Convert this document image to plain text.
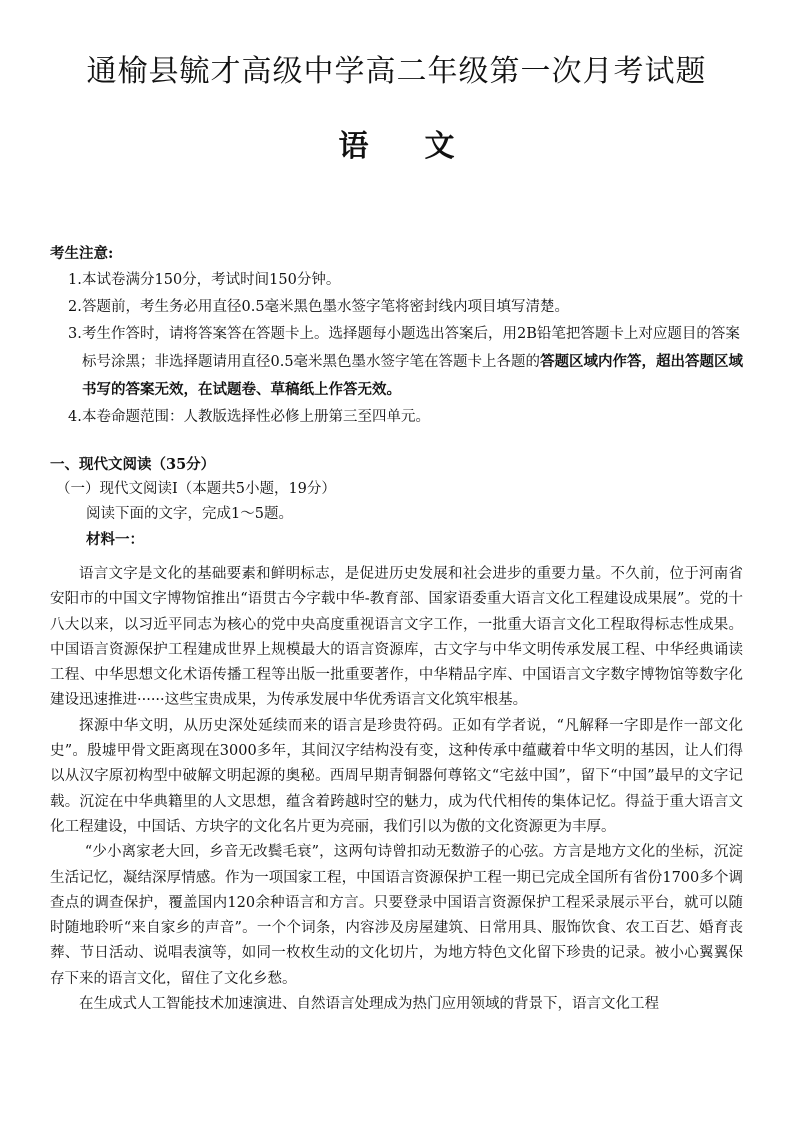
通榆县毓才高级中学高二年级第一次月考试题
语文
考生注意:
1.本试卷满分150分，考试时间150分钟。
2.答题前，考生务必用直径0.5毫米黑色墨水签字笔将密封线内项目填写清楚。
3.考生作答时，请将答案答在答题卡上。选择题每小题选出答案后，用2B铅笔把答题卡上对应题目的答案标号涂黑；非选择题请用直径0.5毫米黑色墨水签字笔在答题卡上各题的答题区域内作答，超出答题区域书写的答案无效，在试题卷、草稿纸上作答无效。
4.本卷命题范围：人教版选择性必修上册第三至四单元。
一、现代文阅读（35分）
（一）现代文阅读Ⅰ（本题共5小题，19分）
阅读下面的文字，完成1～5题。
材料一：

语言文字是文化的基础要素和鲜明标志，是促进历史发展和社会进步的重要力量。不久前，位于河南省安阳市的中国文字博物馆推出“语贯古今字载中华-教育部、国家语委重大语言文化工程建设成果展”。党的十八大以来，以习近平同志为核心的党中央高度重视语言文字工作，一批重大语言文化工程取得标志性成果。中国语言资源保护工程建成世界上规模最大的语言资源库，古文字与中华文明传承发展工程、中华经典诵读工程、中华思想文化术语传播工程等出版一批重要著作，中华精品字库、中国语言文字数字博物馆等数字化建设迅速推进······这些宝贵成果，为传承发展中华优秀语言文化筑牢根基。

探源中华文明，从历史深处延续而来的语言是珍贵符码。正如有学者说，“凡解释一字即是作一部文化史”。殷墟甲骨文距离现在3000多年，其间汉字结构没有变，这种传承中蕴藏着中华文明的基因，让人们得以从汉字原初构型中破解文明起源的奥秘。西周早期青铜器何尊铭文“宅兹中国”，留下“中国”最早的文字记载。沉淀在中华典籍里的人文思想，蕴含着跨越时空的魅力，成为代代相传的集体记忆。得益于重大语言文化工程建设，中国话、方块字的文化名片更为亮丽，我们引以为傲的文化资源更为丰厚。

“少小离家老大回，乡音无改鬓毛衰”，这两句诗曾扣动无数游子的心弦。方言是地方文化的坐标，沉淀生活记忆，凝结深厚情感。作为一项国家工程，中国语言资源保护工程一期已完成全国所有省份1700多个调查点的调查保护，覆盖国内120余种语言和方言。只要登录中国语言资源保护工程采录展示平台，就可以随时随地聆听“来自家乡的声音”。一个个词条，内容涉及房屋建筑、日常用具、服饰饮食、农工百艺、婚育丧葬、节日活动、说唱表演等，如同一枚枚生动的文化切片，为地方特色文化留下珍贵的记录。被小心翼翼保存下来的语言文化，留住了文化乡愁。

在生成式人工智能技术加速演进、自然语言处理成为热门应用领域的背景下，语言文化工程
